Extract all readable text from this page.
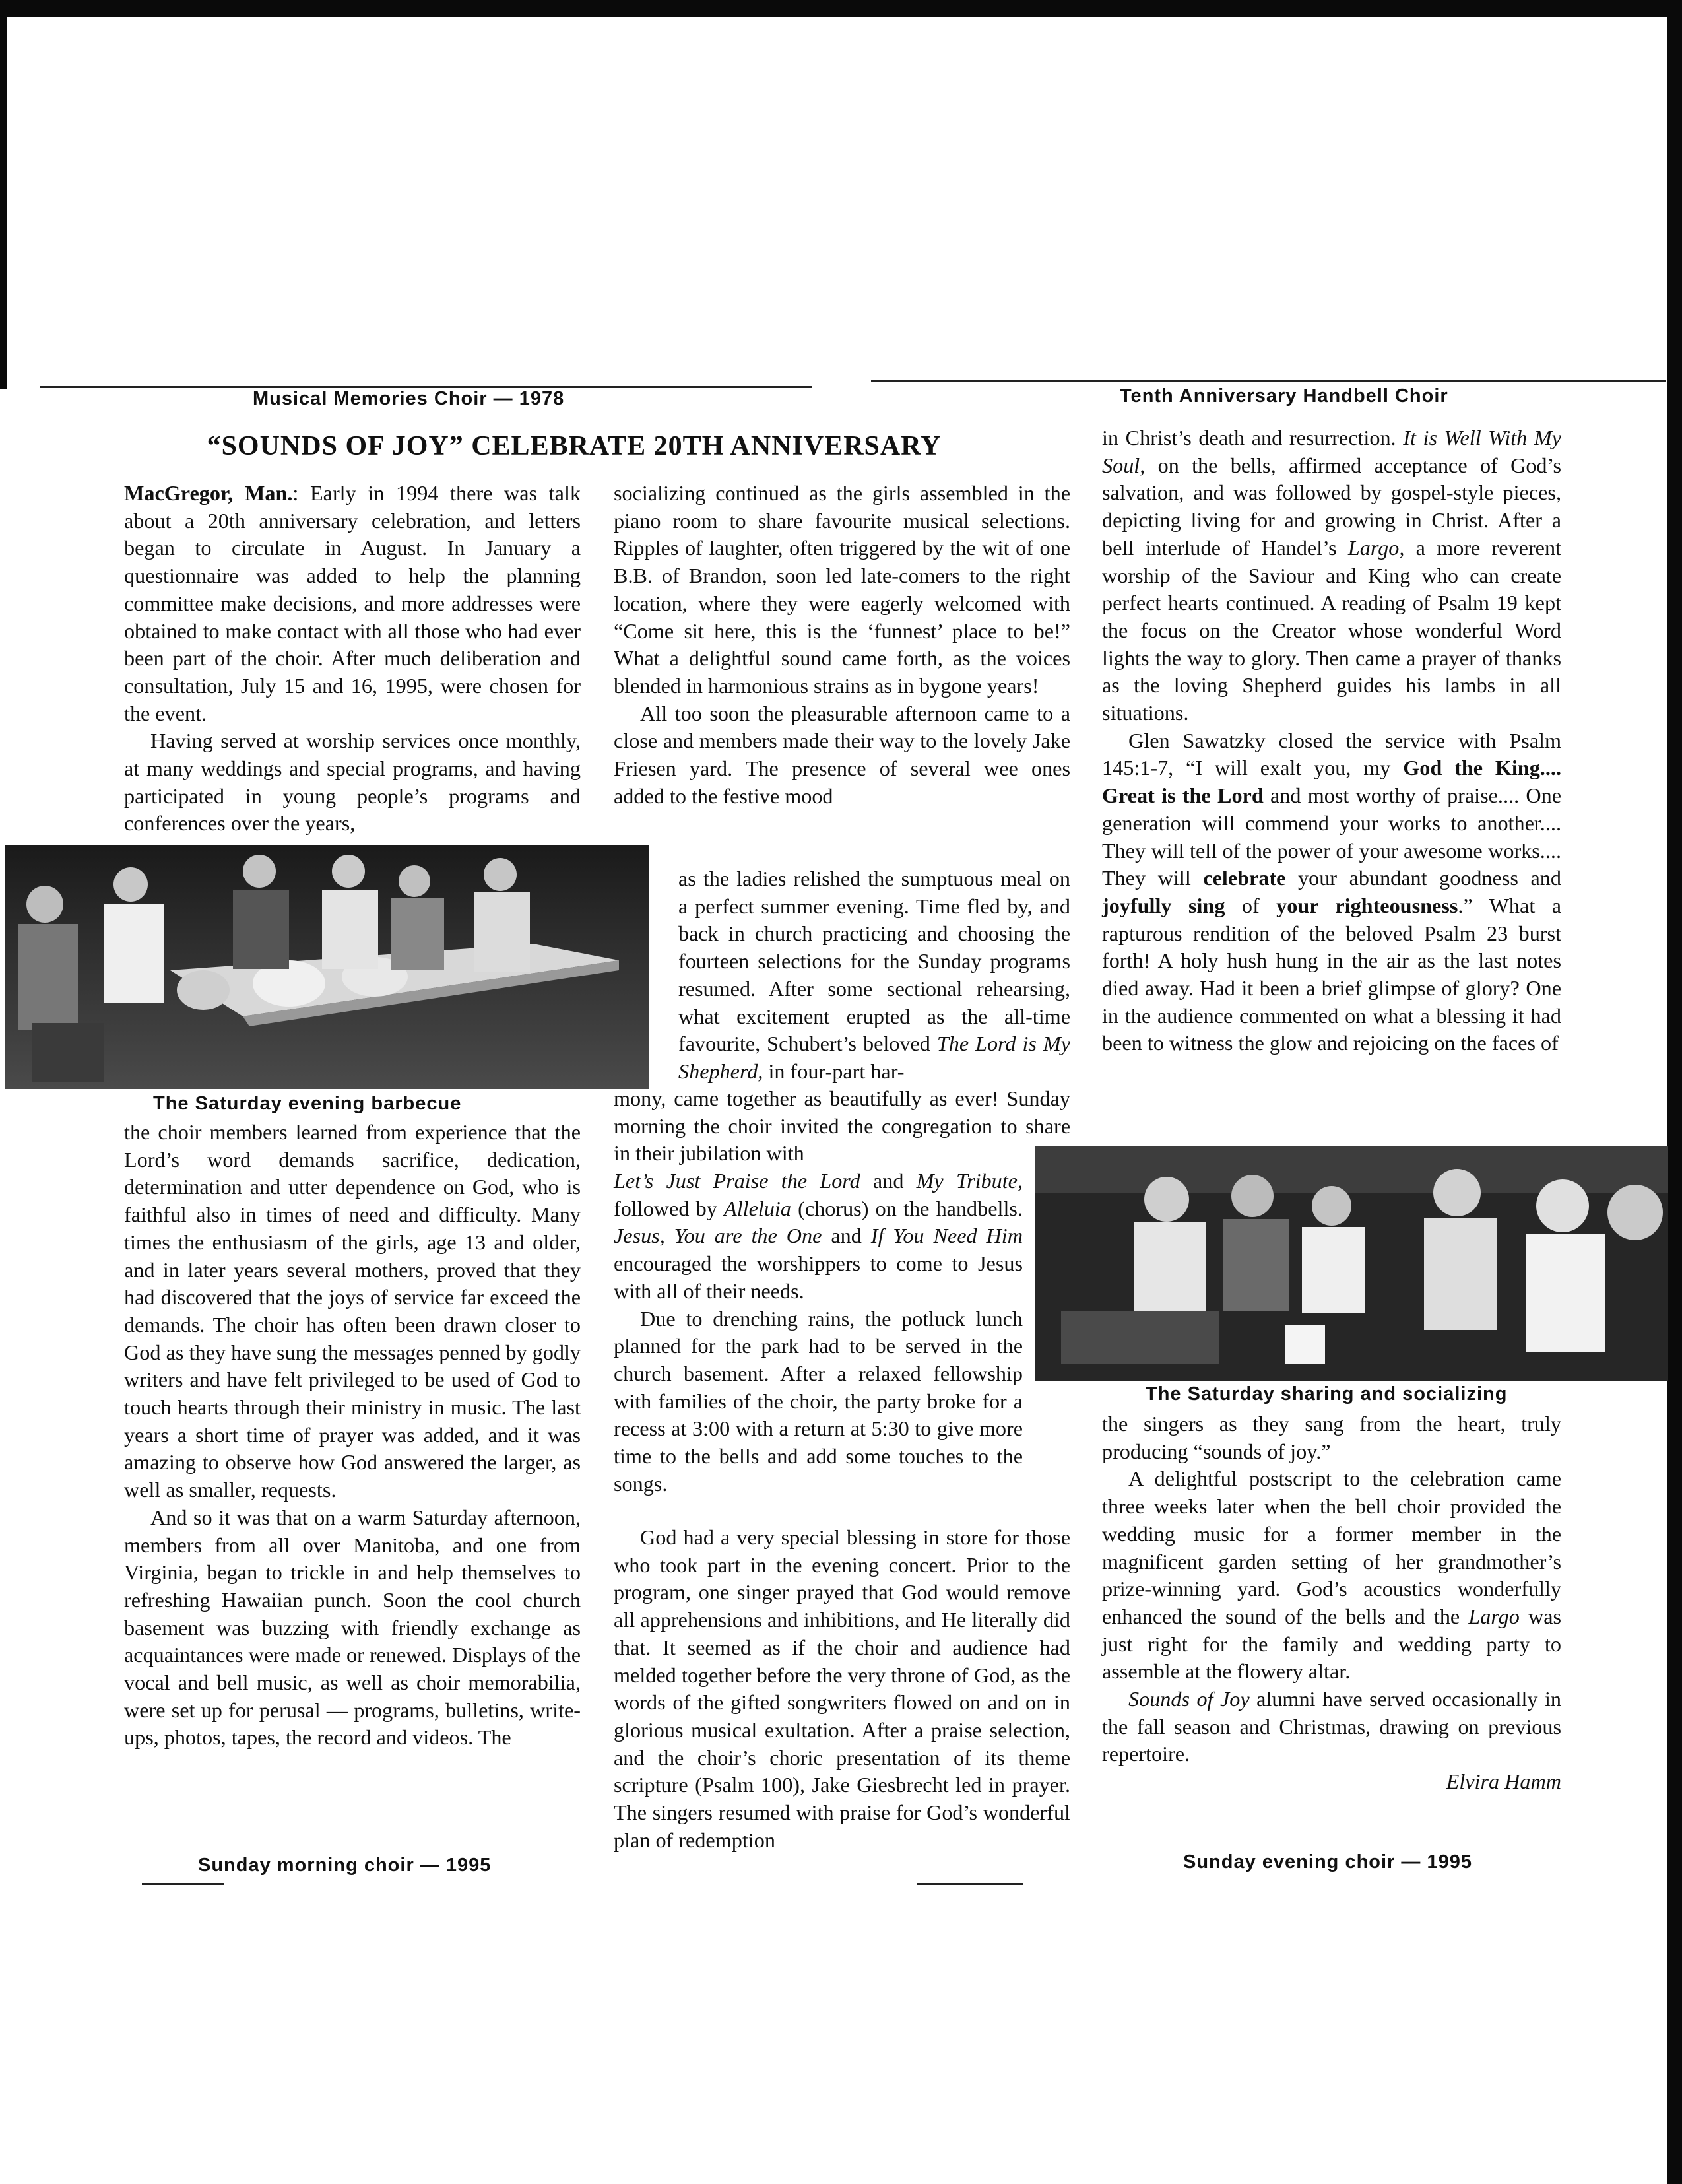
Musical Memories Choir — 1978	Tenth Anniversary Handbell Choir
The Saturday evening barbecue
The Saturday sharing and socializing
Sunday morning choir — 1995	Sunday evening choir — 1995
“SOUNDS OF JOY” CELEBRATE 20TH ANNIVERSARY

MacGregor, Man.: Early in 1994 there was talk about a 20th anniversary celebration, and letters began to circulate in August. In January a questionnaire was added to help the planning committee make decisions, and more addresses were obtained to make contact with all those who had ever been part of the choir. After much deliberation and consultation, July 15 and 16, 1995, were chosen for the event.

Having served at worship services once monthly, at many weddings and special programs, and having participated in young people’s programs and conferences over the years,

the choir members learned from experience that the Lord’s word demands sacrifice, dedication, determination and utter dependence on God, who is faithful also in times of need and difficulty. Many times the enthusiasm of the girls, age 13 and older, and in later years several mothers, proved that they had discovered that the joys of service far exceed the demands. The choir has often been drawn closer to God as they have sung the messages penned by godly writers and have felt privileged to be used of God to touch hearts through their ministry in music. The last years a short time of prayer was added, and it was amazing to observe how God answered the larger, as well as smaller, requests.

And so it was that on a warm Saturday afternoon, members from all over Manitoba, and one from Virginia, began to trickle in and help themselves to refreshing Hawaiian punch. Soon the cool church basement was buzzing with friendly exchange as acquaintances were made or renewed. Displays of the vocal and bell music, as well as choir memorabilia, were set up for perusal — programs, bulletins, write-ups, photos, tapes, the record and videos. The

socializing continued as the girls assembled in the piano room to share favourite musical selections. Ripples of laughter, often triggered by the wit of one B.B. of Brandon, soon led late-comers to the right location, where they were eagerly welcomed with “Come sit here, this is the ‘funnest’ place to be!” What a delightful sound came forth, as the voices blended in harmonious strains as in bygone years!

All too soon the pleasurable afternoon came to a close and members made their way to the lovely Jake Friesen yard. The presence of several wee ones added to the festive mood

as the ladies relished the sumptuous meal on a perfect summer evening. Time fled by, and back in church practicing and choosing the fourteen selections for the Sunday programs resumed. After some sectional rehearsing, what excitement erupted as the all-time favourite, Schubert’s beloved The Lord is My Shepherd, in four-part har-

mony, came together as beautifully as ever! Sunday morning the choir invited the congregation to share in their jubilation with

Let’s Just Praise the Lord and My Tribute, followed by Alleluia (chorus) on the handbells. Jesus, You are the One and If You Need Him encouraged the worshippers to come to Jesus with all of their needs.

Due to drenching rains, the potluck lunch planned for the park had to be served in the church basement. After a relaxed fellowship with families of the choir, the party broke for a recess at 3:00 with a return at 5:30 to give more time to the bells and add some touches to the songs.

God had a very special blessing in store for those who took part in the evening concert. Prior to the program, one singer prayed that God would remove all apprehensions and inhibitions, and He literally did that. It seemed as if the choir and audience had melded together before the very throne of God, as the words of the gifted songwriters flowed on and on in glorious musical exultation. After a praise selection, and the choir’s choric presentation of its theme scripture (Psalm 100), Jake Giesbrecht led in prayer. The singers resumed with praise for God’s wonderful plan of redemption

in Christ’s death and resurrection. It is Well With My Soul, on the bells, affirmed acceptance of God’s salvation, and was followed by gospel-style pieces, depicting living for and growing in Christ. After a bell interlude of Handel’s Largo, a more reverent worship of the Saviour and King who can create perfect hearts continued. A reading of Psalm 19 kept the focus on the Creator whose wonderful Word lights the way to glory. Then came a prayer of thanks as the loving Shepherd guides his lambs in all situations.

Glen Sawatzky closed the service with Psalm 145:1-7, “I will exalt you, my God the King.... Great is the Lord and most worthy of praise.... One generation will commend your works to another.... They will tell of the power of your awesome works.... They will celebrate your abundant goodness and joyfully sing of your righteousness.” What a rapturous rendition of the beloved Psalm 23 burst forth! A holy hush hung in the air as the last notes died away. Had it been a brief glimpse of glory? One in the audience commented on what a blessing it had been to witness the glow and rejoicing on the faces of

the singers as they sang from the heart, truly producing “sounds of joy.”

A delightful postscript to the celebration came three weeks later when the bell choir provided the wedding music for a former member in the magnificent garden setting of her grandmother’s prize-winning yard. God’s acoustics wonderfully enhanced the sound of the bells and the Largo was just right for the family and wedding party to assemble at the flowery altar.

Sounds of Joy alumni have served occasionally in the fall season and Christmas, drawing on previous repertoire.

Elvira Hamm
